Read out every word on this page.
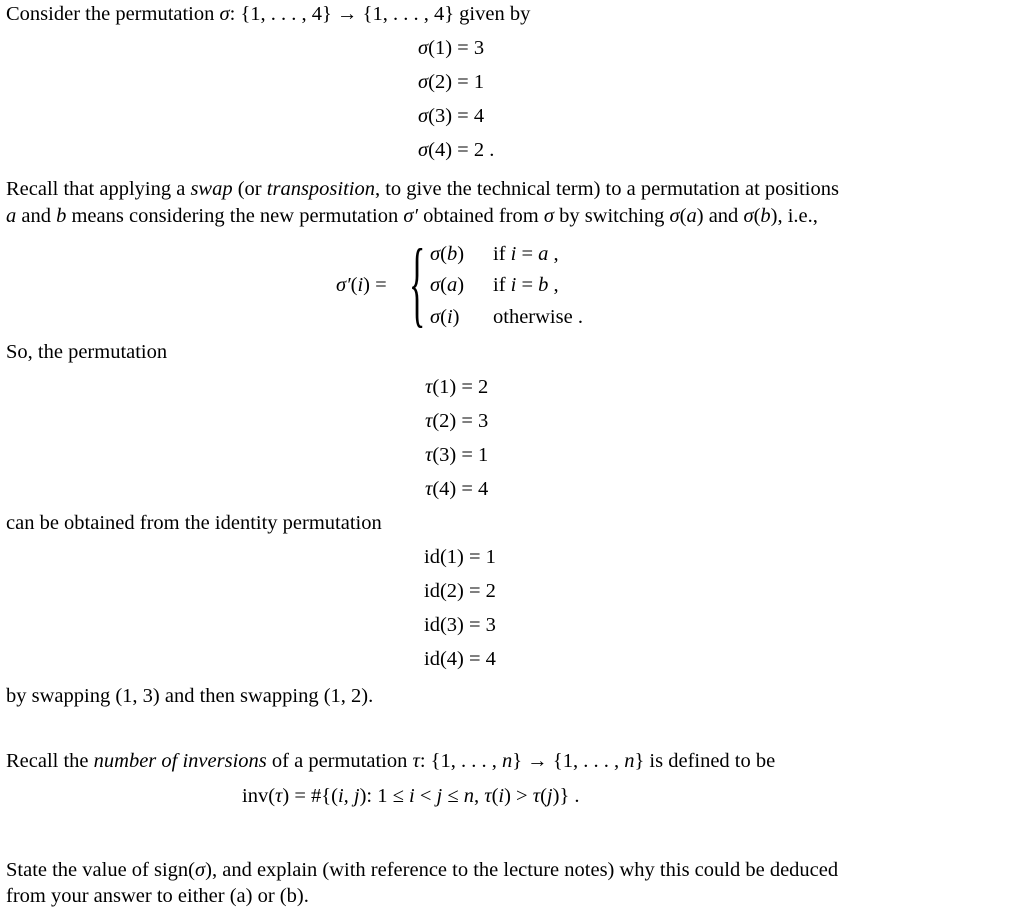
Consider the permutation σ: {1, . . . , 4} → {1, . . . , 4} given by
σ(1) = 3
σ(2) = 1
σ(3) = 4
σ(4) = 2 .
Recall that applying a swap (or transposition, to give the technical term) to a permutation at positions
a and b means considering the new permutation σ′ obtained from σ by switching σ(a) and σ(b), i.e.,
σ′(i) =
σ(b)
σ(a)
σ(i)
if i = a ,
if i = b ,
otherwise .
So, the permutation
τ(1) = 2
τ(2) = 3
τ(3) = 1
τ(4) = 4
can be obtained from the identity permutation
id(1) = 1
id(2) = 2
id(3) = 3
id(4) = 4
by swapping (1, 3) and then swapping (1, 2).
Recall the number of inversions of a permutation τ: {1, . . . , n} → {1, . . . , n} is defined to be
inv(τ) = #{(i, j): 1 ≤ i < j ≤ n, τ(i) > τ(j)} .
State the value of sign(σ), and explain (with reference to the lecture notes) why this could be deduced
from your answer to either (a) or (b).
{
